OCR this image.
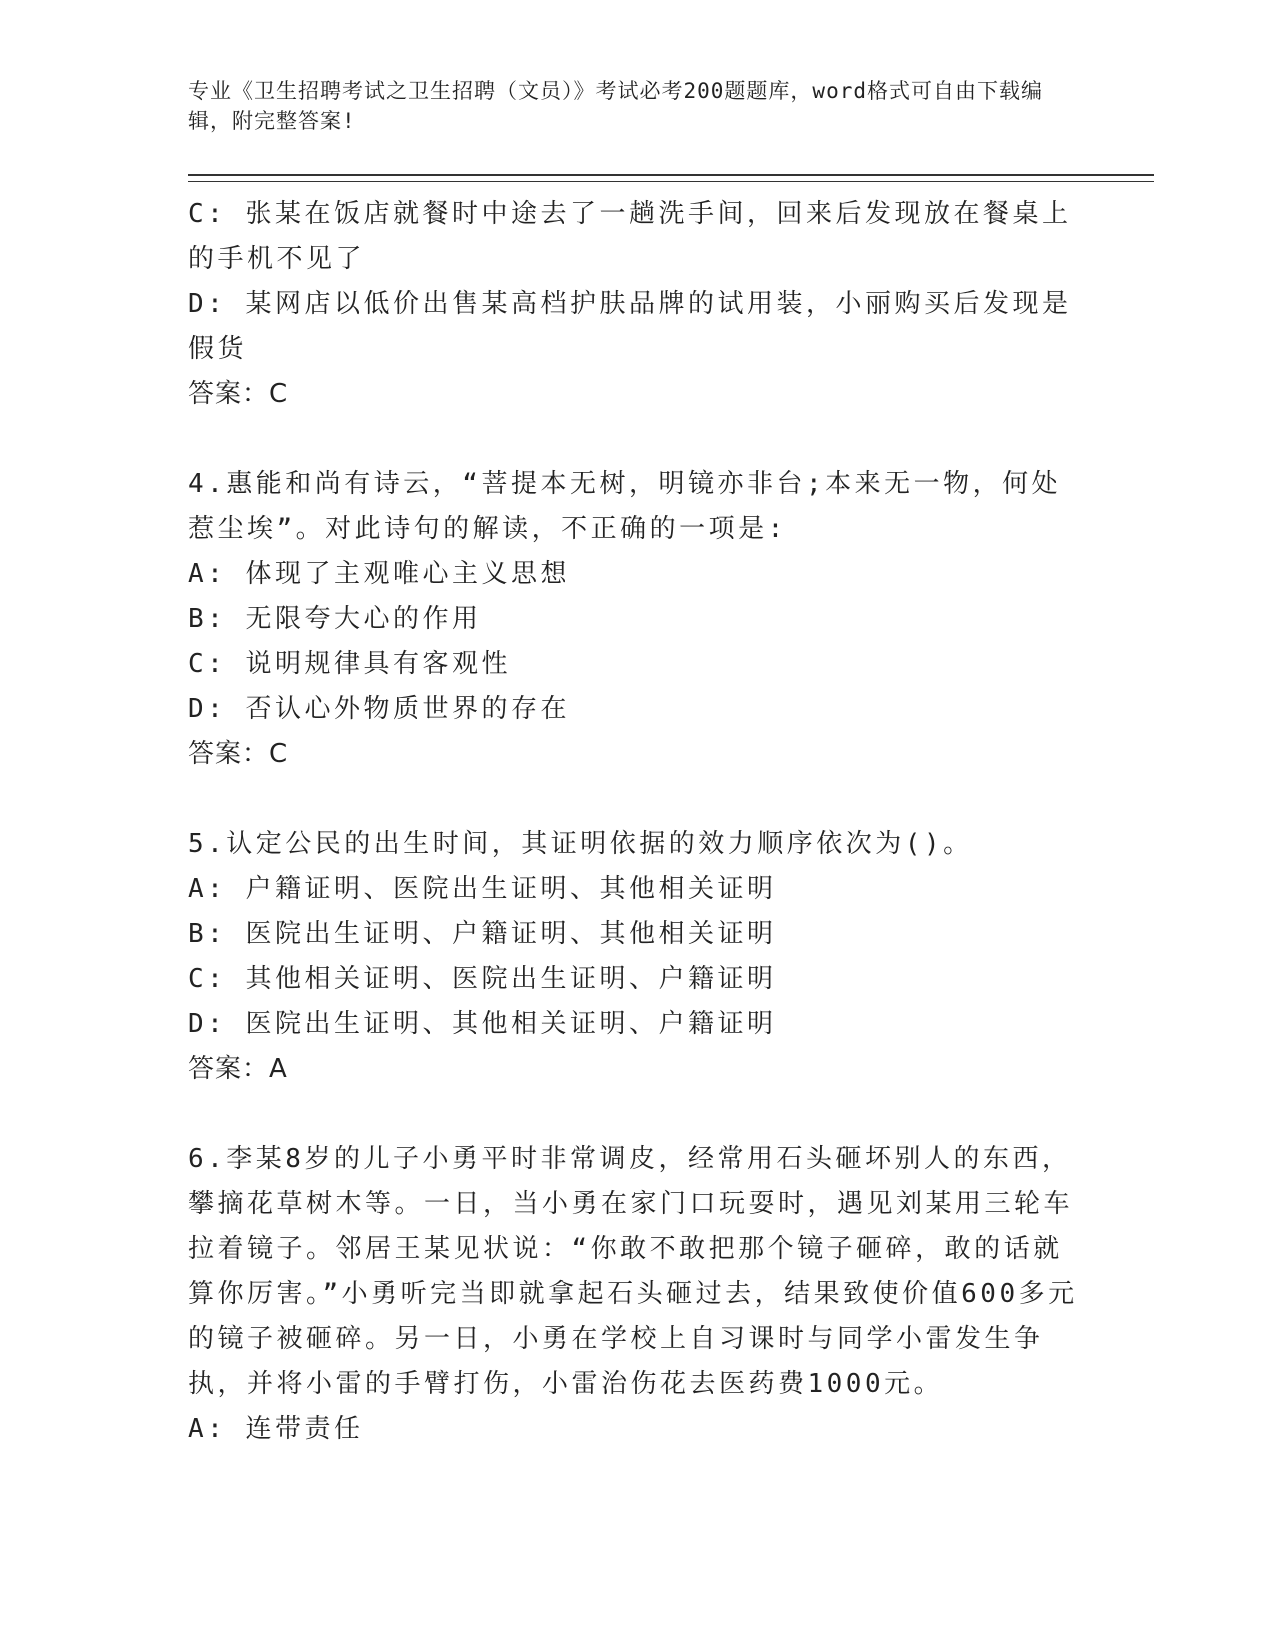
专业《卫生招聘考试之卫生招聘（文员）》考试必考200题题库，word格式可自由下载编辑，附完整答案!

C: 张某在饭店就餐时中途去了一趟洗手间，回来后发现放在餐桌上的手机不见了

D: 某网店以低价出售某高档护肤品牌的试用装，小丽购买后发现是假货

答案：C

4.惠能和尚有诗云，“菩提本无树，明镜亦非台;本来无一物，何处惹尘埃”。对此诗句的解读，不正确的一项是:

A: 体现了主观唯心主义思想

B: 无限夸大心的作用

C: 说明规律具有客观性

D: 否认心外物质世界的存在

答案：C

5.认定公民的出生时间，其证明依据的效力顺序依次为()。

A: 户籍证明、医院出生证明、其他相关证明

B: 医院出生证明、户籍证明、其他相关证明

C: 其他相关证明、医院出生证明、户籍证明

D: 医院出生证明、其他相关证明、户籍证明

答案：A

6.李某8岁的儿子小勇平时非常调皮，经常用石头砸坏别人的东西，攀摘花草树木等。一日，当小勇在家门口玩耍时，遇见刘某用三轮车拉着镜子。邻居王某见状说：“你敢不敢把那个镜子砸碎，敢的话就算你厉害。”小勇听完当即就拿起石头砸过去，结果致使价值600多元的镜子被砸碎。另一日，小勇在学校上自习课时与同学小雷发生争执，并将小雷的手臂打伤，小雷治伤花去医药费1000元。

A: 连带责任
